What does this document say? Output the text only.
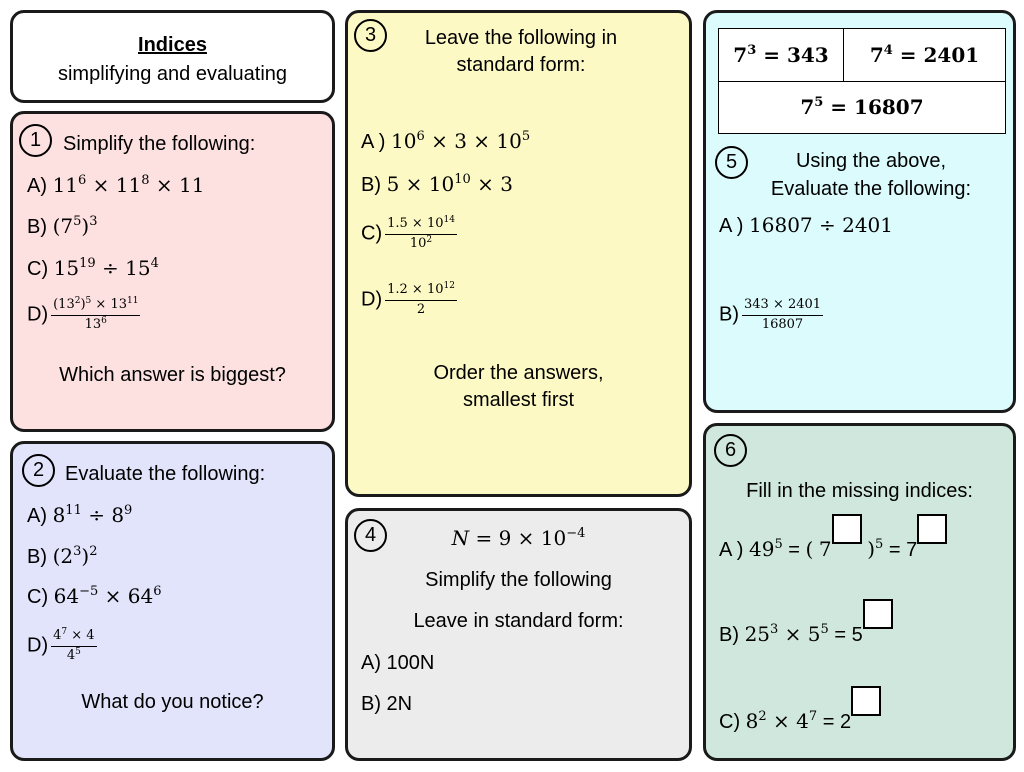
Indices
simplifying and evaluating
1	Simplify the following:
A) $11^6 \times 11^8 \times 11$
B) $(7^5)^3$
C) $15^{19} \div 15^4$
$D) \frac{(13^2)^5 \times 13^{11}}{13^6}$
Which answer is biggest?
2	Evaluate the following:
A) $8^{11} \div 8^9$
B) $(2^3)^2$
C) $64^{-5} \times 64^6$
$D) \frac{4^7 \times 4}{4^5}$
What do you notice?
3	Leave the following in
standard form:
A ) $10^6 \times 3 \times 10^5$
B) $5 \times 10^{10} \times 3$
$C) \frac{1.5 \times 10^{14}}{10^2}$
$D) \frac{1.2 \times 10^{12}}{2}$
Order the answers,
smallest first
4	$N = 9 \times 10^{-4}$
Simplify the following
Leave in standard form:
A) 100N
B) 2N
$7^3 = 343$	$7^4 = 2401$
$7^5 = 16807$
5	Using the above,
Evaluate the following:
A ) 16807 ÷ 2401
$B) \frac{343 \times 2401}{16807}$
6
Fill in the missing indices:
A ) $49^5$ = ( 7 )$^5$ = 7
B) $25^3 \times 5^5 = 5$
C) $8^2 \times 4^7 = 2$
